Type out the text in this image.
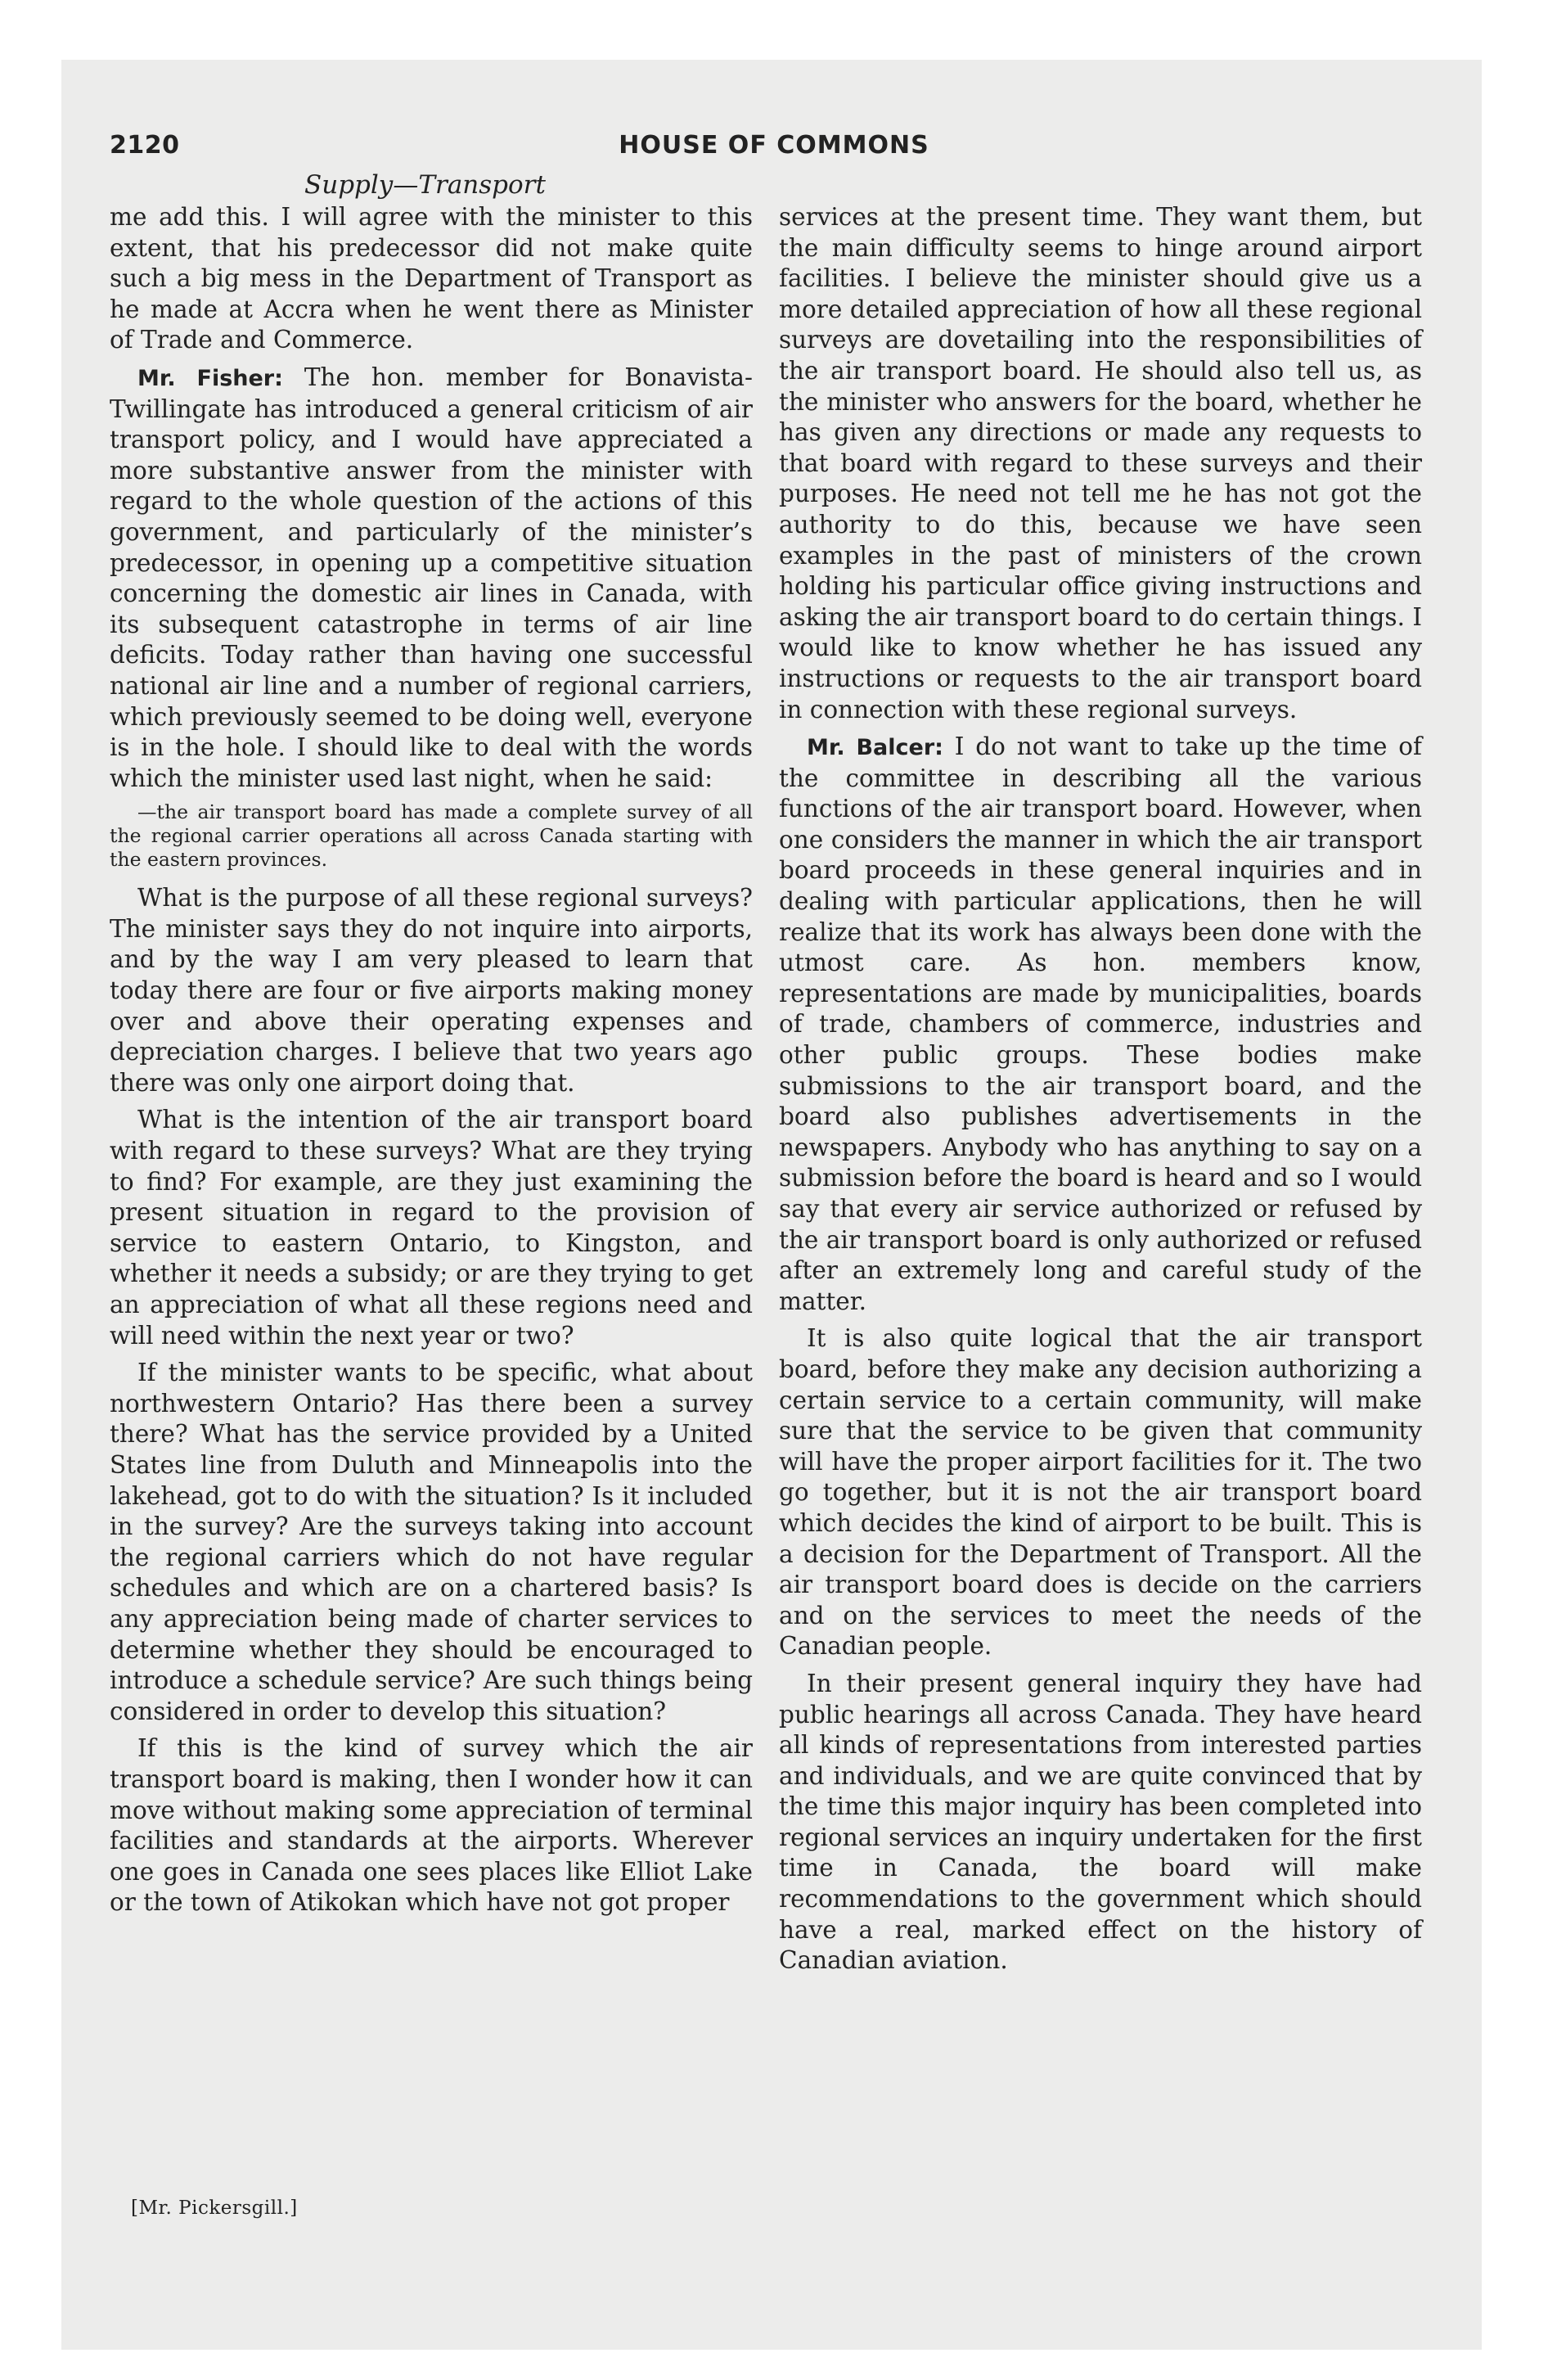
2120	HOUSE OF COMMONS
Supply—Transport

me add this. I will agree with the minister to this extent, that his predecessor did not make quite such a big mess in the Department of Transport as he made at Accra when he went there as Minister of Trade and Commerce.

Mr. Fisher: The hon. member for Bonavista-Twillingate has introduced a general criticism of air transport policy, and I would have appreciated a more substantive answer from the minister with regard to the whole question of the actions of this government, and particularly of the minister’s predecessor, in opening up a competitive situation concerning the domestic air lines in Canada, with its subsequent catastrophe in terms of air line deficits. Today rather than having one successful national air line and a number of regional carriers, which previously seemed to be doing well, everyone is in the hole. I should like to deal with the words which the minister used last night, when he said:

—the air transport board has made a complete survey of all the regional carrier operations all across Canada starting with the eastern provinces.

What is the purpose of all these regional surveys? The minister says they do not inquire into airports, and by the way I am very pleased to learn that today there are four or five airports making money over and above their operating expenses and depreciation charges. I believe that two years ago there was only one airport doing that.

What is the intention of the air transport board with regard to these surveys? What are they trying to find? For example, are they just examining the present situation in regard to the provision of service to eastern Ontario, to Kingston, and whether it needs a subsidy; or are they trying to get an appreciation of what all these regions need and will need within the next year or two?

If the minister wants to be specific, what about northwestern Ontario? Has there been a survey there? What has the service provided by a United States line from Duluth and Minneapolis into the lakehead, got to do with the situation? Is it included in the survey? Are the surveys taking into account the regional carriers which do not have regular schedules and which are on a chartered basis? Is any appreciation being made of charter services to determine whether they should be encouraged to introduce a schedule service? Are such things being considered in order to develop this situation?

If this is the kind of survey which the air transport board is making, then I wonder how it can move without making some appreciation of terminal facilities and standards at the airports. Wherever one goes in Canada one sees places like Elliot Lake or the town of Atikokan which have not got proper

services at the present time. They want them, but the main difficulty seems to hinge around airport facilities. I believe the minister should give us a more detailed appreciation of how all these regional surveys are dovetailing into the responsibilities of the air transport board. He should also tell us, as the minister who answers for the board, whether he has given any directions or made any requests to that board with regard to these surveys and their purposes. He need not tell me he has not got the authority to do this, because we have seen examples in the past of ministers of the crown holding his particular office giving instructions and asking the air transport board to do certain things. I would like to know whether he has issued any instructions or requests to the air transport board in connection with these regional surveys.

Mr. Balcer: I do not want to take up the time of the committee in describing all the various functions of the air transport board. However, when one considers the manner in which the air transport board proceeds in these general inquiries and in dealing with particular applications, then he will realize that its work has always been done with the utmost care. As hon. members know, representations are made by municipalities, boards of trade, chambers of commerce, industries and other public groups. These bodies make submissions to the air transport board, and the board also publishes advertisements in the newspapers. Anybody who has anything to say on a submission before the board is heard and so I would say that every air service authorized or refused by the air transport board is only authorized or refused after an extremely long and careful study of the matter.

It is also quite logical that the air transport board, before they make any decision authorizing a certain service to a certain community, will make sure that the service to be given that community will have the proper airport facilities for it. The two go together, but it is not the air transport board which decides the kind of airport to be built. This is a decision for the Department of Transport. All the air transport board does is decide on the carriers and on the services to meet the needs of the Canadian people.

In their present general inquiry they have had public hearings all across Canada. They have heard all kinds of representations from interested parties and individuals, and we are quite convinced that by the time this major inquiry has been completed into regional services an inquiry undertaken for the first time in Canada, the board will make recommendations to the government which should have a real, marked effect on the history of Canadian aviation.

[Mr. Pickersgill.]
